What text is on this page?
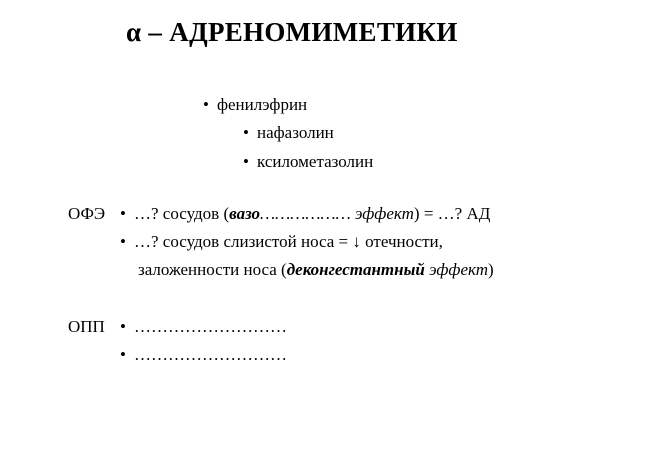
α – АДРЕНОМИМЕТИКИ
• фенилэфрин
• нафазолин
• ксилометазолин
ОФЭ • …? сосудов (вазо……………… эффект) = …? АД
• …? сосудов слизистой носа = ↓ отечности,
заложенности носа (деконгестантный эффект)
ОПП • ………………………
• ………………………
